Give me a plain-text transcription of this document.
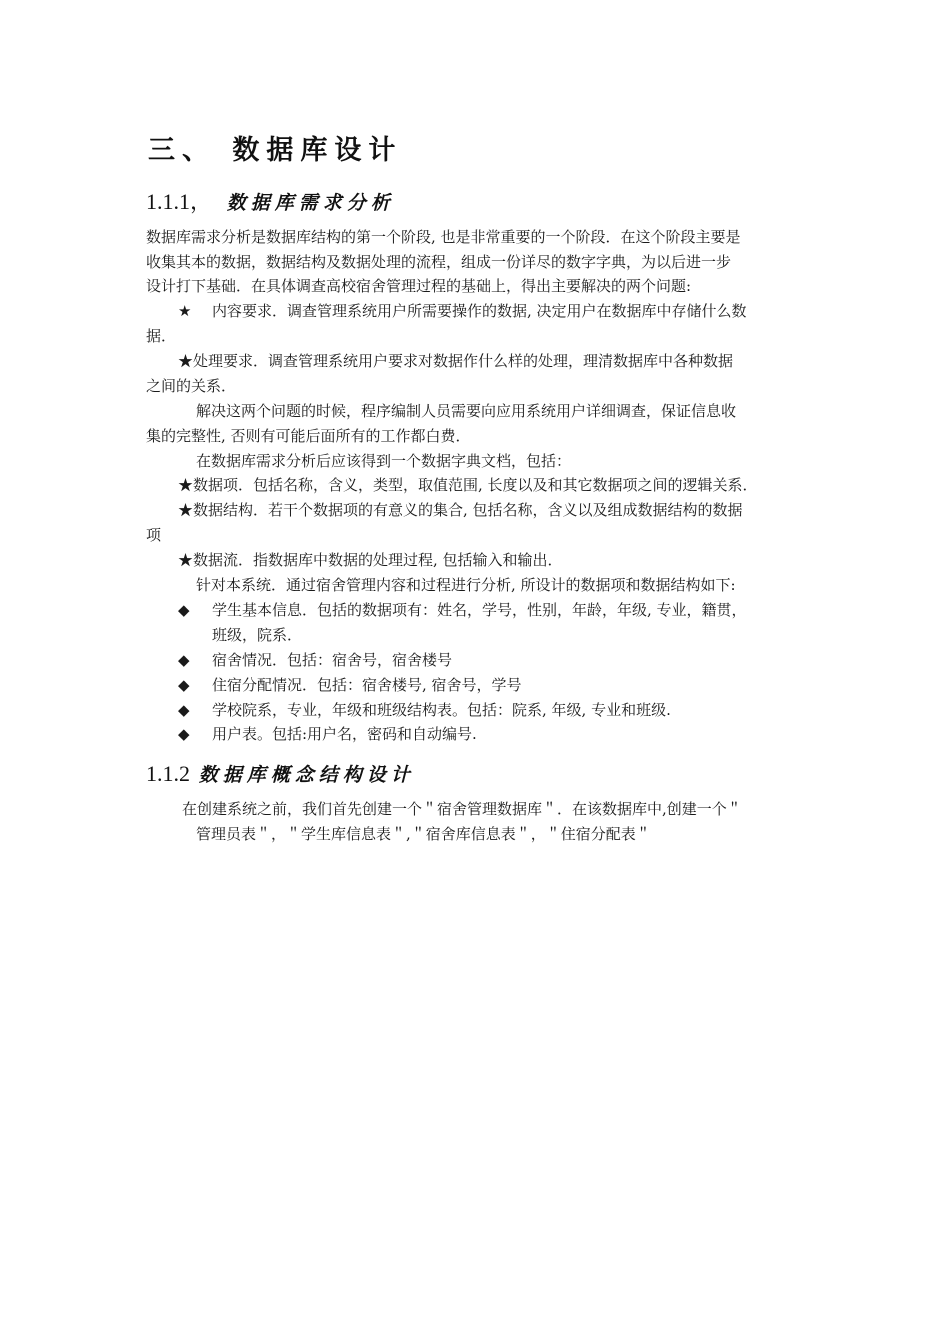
三、 数据库设计
1.1.1， 数据库需求分析
数据库需求分析是数据库结构的第一个阶段, 也是非常重要的一个阶段．在这个阶段主要是
收集其本的数据，数据结构及数据处理的流程，组成一份详尽的数字字典，为以后进一步
设计打下基础．在具体调查高校宿舍管理过程的基础上，得出主要解决的两个问题:
★ 内容要求．调查管理系统用户所需要操作的数据, 决定用户在数据库中存储什么数
据．
★处理要求．调查管理系统用户要求对数据作什么样的处理，理清数据库中各种数据
之间的关系．
解决这两个问题的时候，程序编制人员需要向应用系统用户详细调查，保证信息收
集的完整性, 否则有可能后面所有的工作都白费．
在数据库需求分析后应该得到一个数据字典文档，包括：
★数据项．包括名称，含义，类型，取值范围, 长度以及和其它数据项之间的逻辑关系．
★数据结构．若干个数据项的有意义的集合, 包括名称，含义以及组成数据结构的数据
项
★数据流．指数据库中数据的处理过程, 包括输入和输出．
针对本系统．通过宿舍管理内容和过程进行分析, 所设计的数据项和数据结构如下:
◆ 学生基本信息．包括的数据项有：姓名，学号，性别，年龄，年级, 专业，籍贯，
班级，院系．
◆ 宿舍情况．包括：宿舍号，宿舍楼号
◆ 住宿分配情况．包括：宿舍楼号, 宿舍号，学号
◆ 学校院系，专业，年级和班级结构表。包括：院系, 年级, 专业和班级.
◆ 用户表。包括:用户名，密码和自动编号.
1.1.2 数据库概念结构设计
在创建系统之前，我们首先创建一个＂宿舍管理数据库＂．在该数据库中,创建一个＂
管理员表＂，＂学生库信息表＂,＂宿舍库信息表＂，＂住宿分配表＂
